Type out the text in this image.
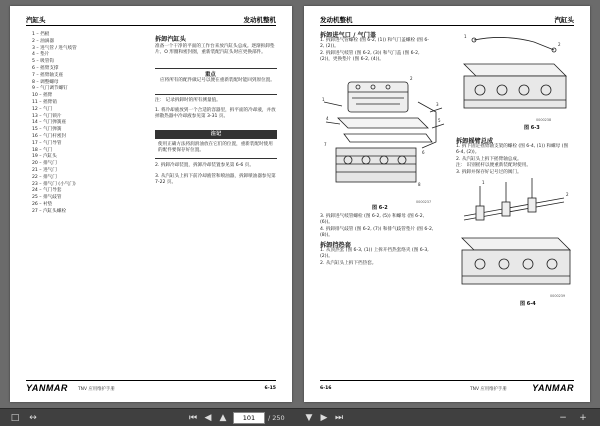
汽缸头	发动机整机
1 – 挡板
2 – 油滴器
3 – 进气管 / 进气岐管
4 – 垫片
5 – 吸管钩
6 – 摇臂支撑
7 – 摇臂轴支座
8 – 调整螺母
9 – 气门调节螺钉
10 – 摇臂
11 – 摇臂销
12 – 气门
13 – 气门锁片
14 – 气门弹簧座
15 – 气门弹簧
16 – 气门杆密封
17 – 气门导管
18 – 气门
19 – 汽缸头
20 – 排气门
21 – 进气门
22 – 排气门
23 – 排气门 (小气门)
24 – 气门导套
25 – 排气歧管
26 – 衬垫
27 – 汽缸头螺栓
拆卸汽缸头
准备一个干净的平面的工作台来放汽缸头总成。逐渐拆卸垫片、O 形圈和密封圈，重新装配汽缸头时应更换部件。
重点
应将所有的配件做记号以便在重新装配时能回到原位置。
注： 记录拆卸时的所有测量值。
1. 将冷却液放到一个合适的容器里，拆平面的冷却液，并放掉散热器中冷却液参见第 3-31 页。
注记
使用正确方法将润滑油放在它们的位置，重新装配时使用的配件要保存好位置。
2. 拆卸冷却装置，拆卸冷却装置参见第 6-6 页。
3. 从汽缸头上拆下前冷却液管和喷油器，拆卸喷油器参见第 7-22 页。
YANMAR TNV 应用维护手册	6-15
发动机整机	汽缸头
拆卸进气口 / 气门盖
1. 拆卸进气管螺栓 (图 6-2, (1)) 和气门盖螺栓 (图 6-2, (2))。
2. 拆卸进气岐管 (图 6-2, (3)) 和气门盖 (图 6-2, (2))，更换垫片 (图 6-2, (4))。
1
2
3
4	5
6
7
8
0000237
图 6-2
3. 拆卸进气岐管螺栓 (图 6-2, (5)) 和螺母 (图 6-2, (6))。
4. 拆卸排气歧管 (图 6-2, (7)) 和排气歧管垫片 (图 6-2, (8))。
拆卸挡热套
1. 从顶热套 (图 6-3, (1)) 上拆开挡热套络夹 (图 6-3, (2))。
2. 从汽缸头上拆下挡热套。
1
2
0000238
图 6-3
拆卸摇臂总成
1. 拆下固定摇臂轴支架的螺栓 (图 6-4, (1)) 和螺母 (图 6-4, (2))。
2. 从汽缸头上拆下摇臂轴总成。
注： 识别摇杆以便重新装配时使用。
3. 拆卸并保存好记号过的阀门。
1
2
0000239
图 6-4
6-16	TNV 应用维护手册	YANMAR
□	↔	⏮ ◀ ▲	101	/ 250	▼ ▶ ⏭	−	+
